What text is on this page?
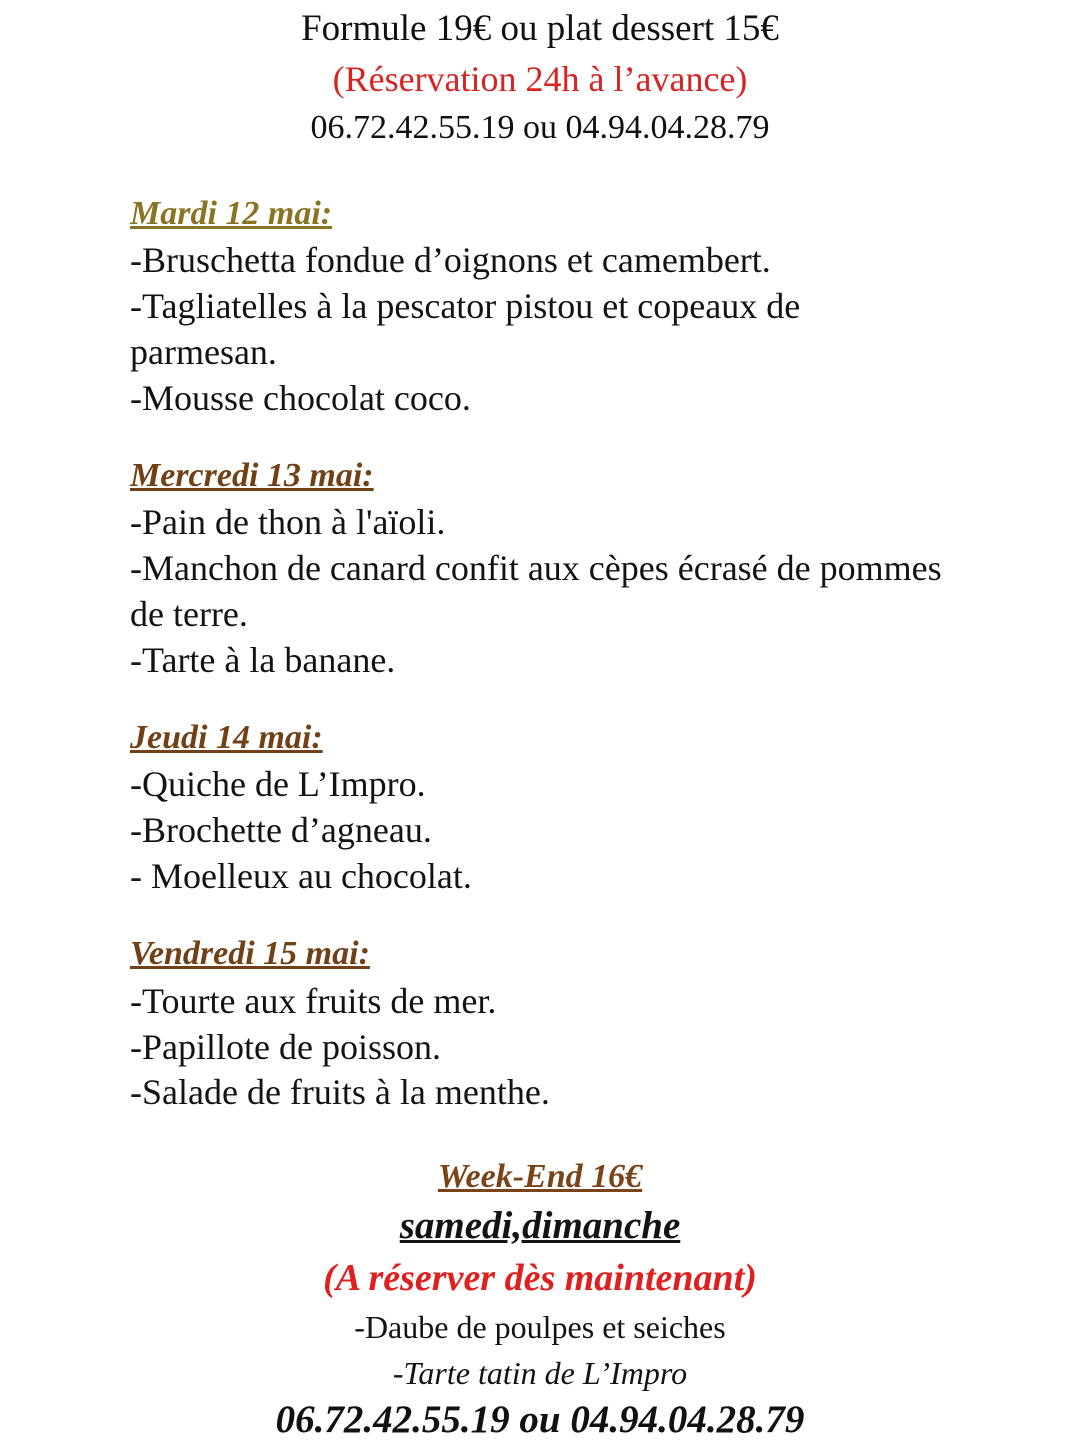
Formule 19€ ou plat dessert 15€
(Réservation 24h à l’avance)
06.72.42.55.19 ou 04.94.04.28.79
Mardi 12 mai:
-Bruschetta fondue d’oignons et camembert.
-Tagliatelles à la pescator pistou et copeaux de parmesan.
-Mousse chocolat coco.
Mercredi 13 mai:
-Pain de thon à l'aïoli.
-Manchon de canard confit aux cèpes écrasé de pommes de terre.
-Tarte à la banane.
Jeudi 14 mai:
-Quiche de L’Impro.
-Brochette d’agneau.
- Moelleux au chocolat.
Vendredi 15 mai:
-Tourte aux fruits de mer.
-Papillote de poisson.
-Salade de fruits à la menthe.
Week-End 16€
samedi,dimanche
(A réserver dès maintenant)
-Daube de poulpes et seiches
-Tarte tatin de L’Impro
06.72.42.55.19 ou 04.94.04.28.79
